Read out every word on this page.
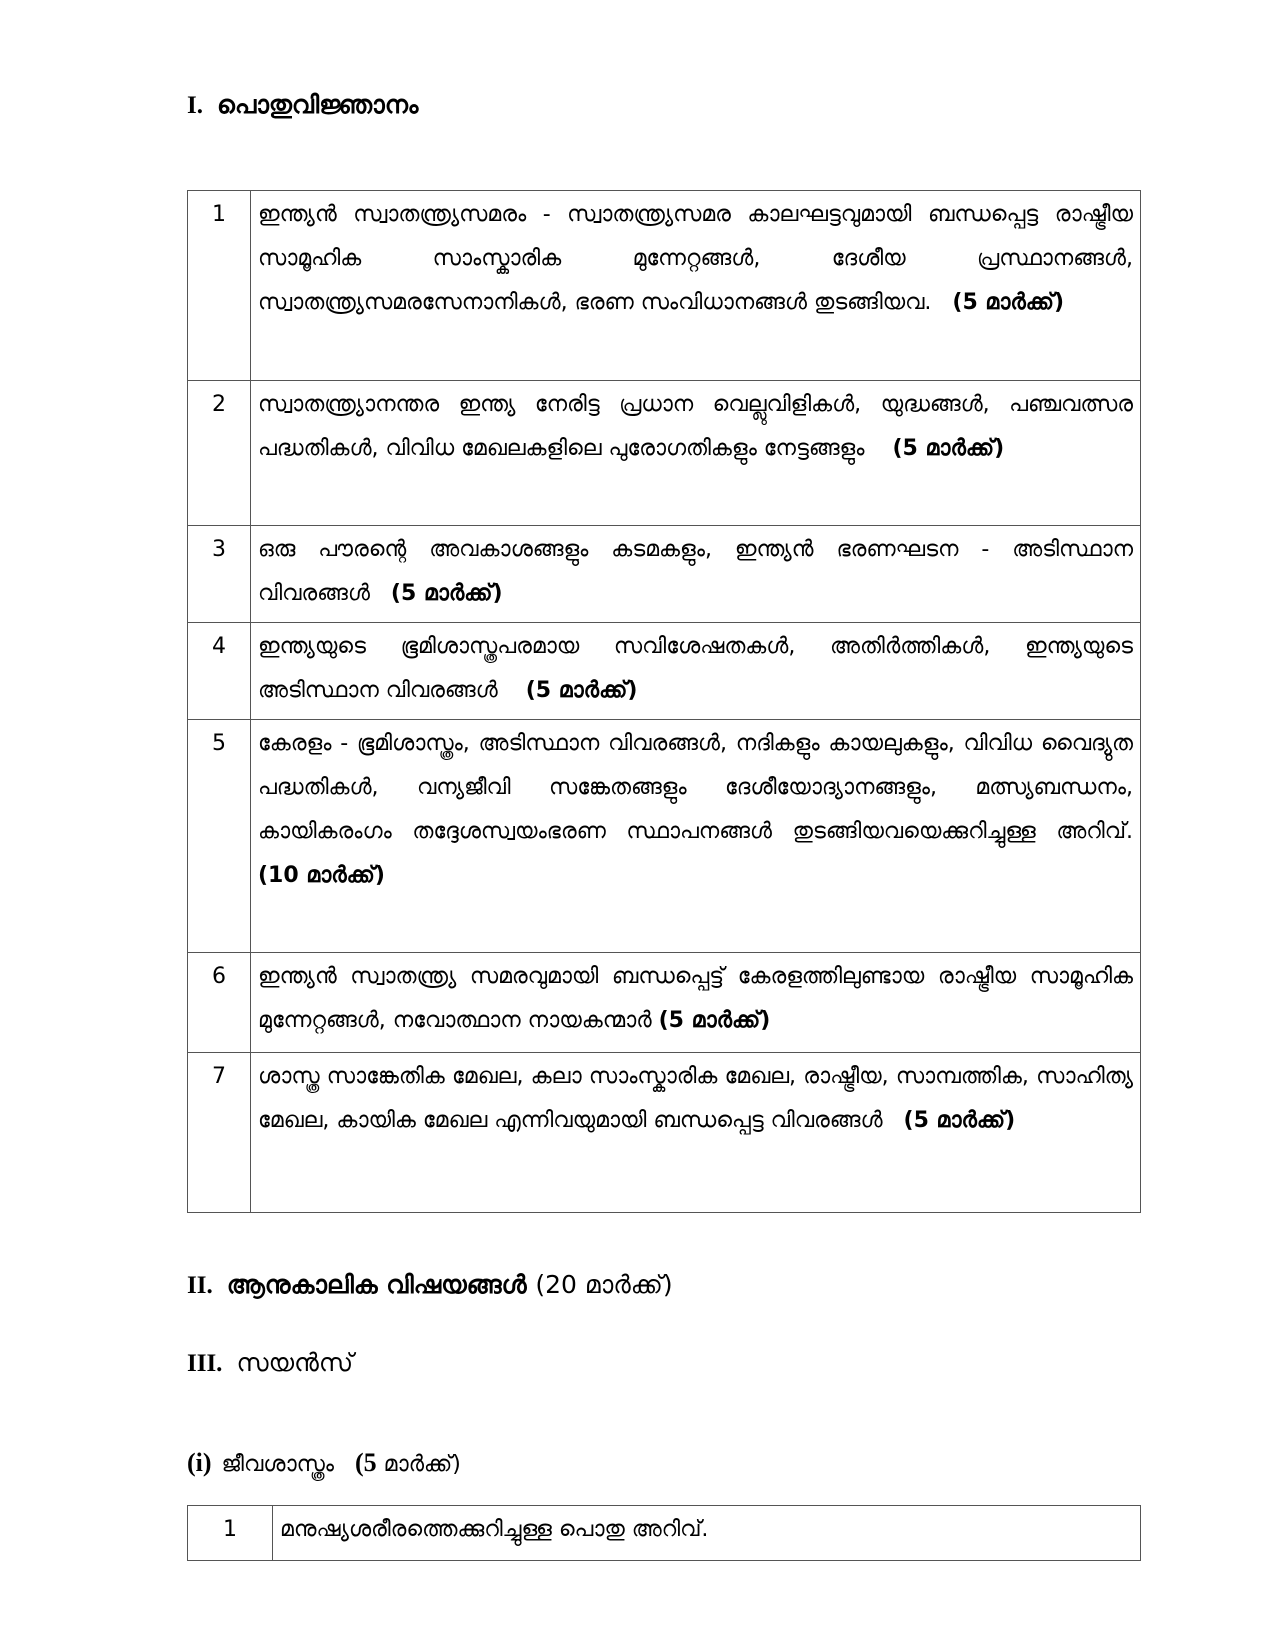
I. പൊതുവിജ്ഞാനം
1	ഇന്ത്യൻ സ്വാതന്ത്ര്യസമരം - സ്വാതന്ത്ര്യസമര കാലഘട്ടവുമായി ബന്ധപ്പെട്ട രാഷ്ട്രീയ സാമൂഹിക സാംസ്കാരിക മുന്നേറ്റങ്ങൾ, ദേശീയ പ്രസ്ഥാനങ്ങൾ, സ്വാതന്ത്ര്യസമരസേനാനികൾ, ഭരണ സംവിധാനങ്ങൾ തുടങ്ങിയവ. (5 മാർക്ക്)
2	സ്വാതന്ത്ര്യാനന്തര ഇന്ത്യ നേരിട്ട പ്രധാന വെല്ലുവിളികൾ, യുദ്ധങ്ങൾ, പഞ്ചവത്സര പദ്ധതികൾ, വിവിധ മേഖലകളിലെ പുരോഗതികളും നേട്ടങ്ങളും (5 മാർക്ക്)
3	ഒരു പൗരന്റെ അവകാശങ്ങളും കടമകളും, ഇന്ത്യൻ ഭരണഘടന - അടിസ്ഥാന വിവരങ്ങൾ (5 മാർക്ക്)
4	ഇന്ത്യയുടെ ഭൂമിശാസ്ത്രപരമായ സവിശേഷതകൾ, അതിർത്തികൾ, ഇന്ത്യയുടെ അടിസ്ഥാന വിവരങ്ങൾ (5 മാർക്ക്)
5	കേരളം - ഭൂമിശാസ്ത്രം, അടിസ്ഥാന വിവരങ്ങൾ, നദികളും കായലുകളും, വിവിധ വൈദ്യുത പദ്ധതികൾ, വന്യജീവി സങ്കേതങ്ങളും ദേശീയോദ്യാനങ്ങളും, മത്സ്യബന്ധനം, കായികരംഗം തദ്ദേശസ്വയംഭരണ സ്ഥാപനങ്ങൾ തുടങ്ങിയവയെക്കുറിച്ചുള്ള അറിവ്. (10 മാർക്ക്)
6	ഇന്ത്യൻ സ്വാതന്ത്ര്യ സമരവുമായി ബന്ധപ്പെട്ട് കേരളത്തിലുണ്ടായ രാഷ്ട്രീയ സാമൂഹിക മുന്നേറ്റങ്ങൾ, നവോത്ഥാന നായകന്മാർ (5 മാർക്ക്)
7	ശാസ്ത്ര സാങ്കേതിക മേഖല, കലാ സാംസ്കാരിക മേഖല, രാഷ്ട്രീയ, സാമ്പത്തിക, സാഹിത്യ മേഖല, കായിക മേഖല എന്നിവയുമായി ബന്ധപ്പെട്ട വിവരങ്ങൾ (5 മാർക്ക്)
II. ആനുകാലിക വിഷയങ്ങൾ (20 മാർക്ക്)
III. സയൻസ്
(i) ജീവശാസ്ത്രം (5 മാർക്ക്)
1	മനുഷ്യശരീരത്തെക്കുറിച്ചുള്ള പൊതു അറിവ്.
